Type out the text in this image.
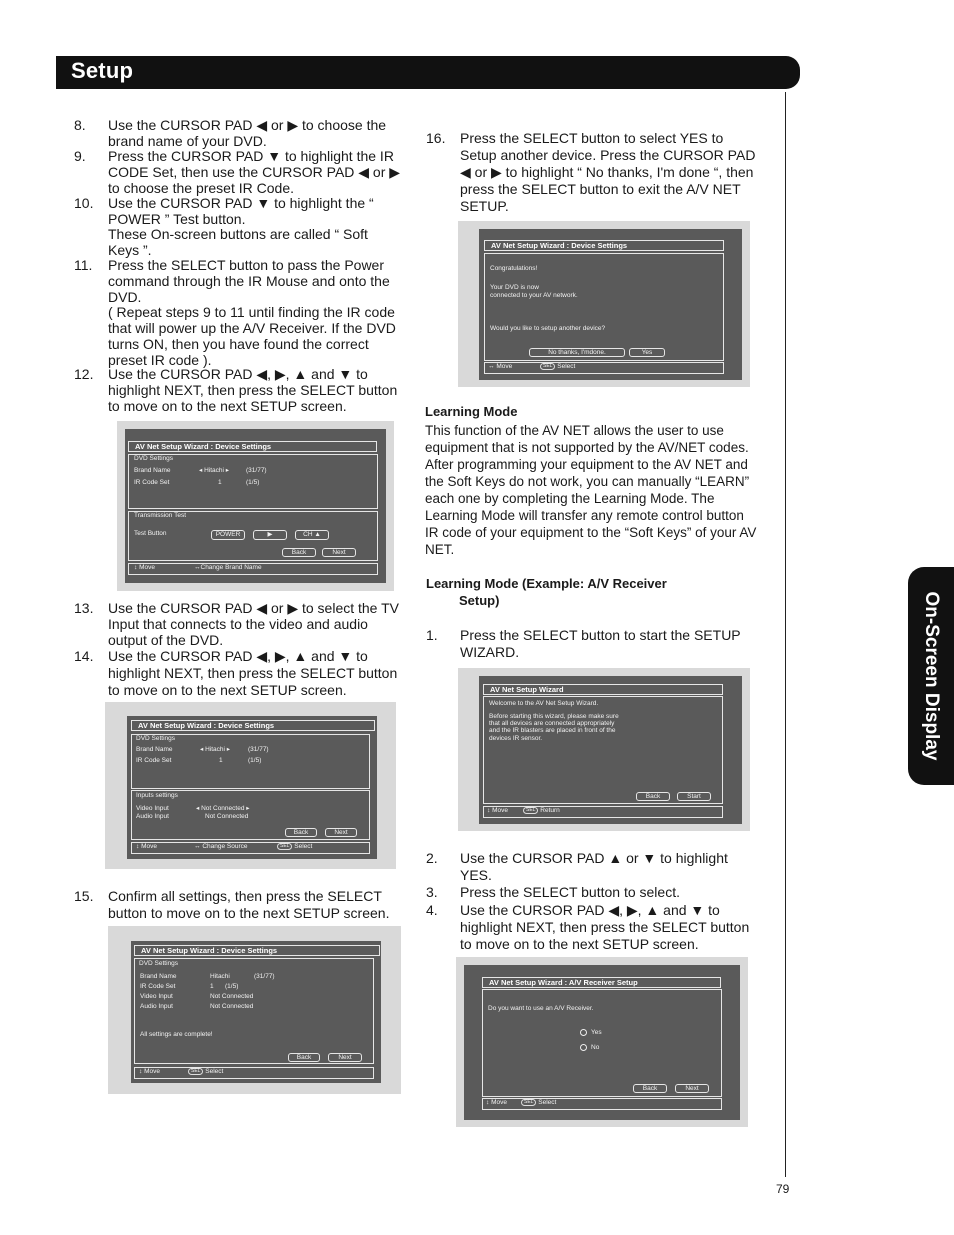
Setup
On-Screen Display
79
8. Use the CURSOR PAD ◀ or ▶ to choose the brand name of your DVD.
9. Press the CURSOR PAD ▼ to highlight the IR CODE Set, then use the CURSOR PAD ◀ or ▶ to choose the preset IR Code.
10. Use the CURSOR PAD ▼ to highlight the “ POWER ” Test button.
These On-screen buttons are called “ Soft Keys ”.
11. Press the SELECT button to pass the Power command through the IR Mouse and onto the DVD.
( Repeat steps 9 to 11 until finding the IR code that will power up the A/V Receiver. If the DVD turns ON, then you have found the correct preset IR code ).
12. Use the CURSOR PAD ◀, ▶, ▲ and ▼ to highlight NEXT, then press the SELECT button to move on to the next SETUP screen.
AV Net Setup Wizard : Device Settings
DVD Settings
Brand Name	◂ Hitachi ▸	(31/77)
IR Code Set	1	(1/5)
Transmission Test
Test Button	POWER	▶	CH ▲
Back	Next
↕ Move	↔Change Brand Name
13. Use the CURSOR PAD ◀ or ▶ to select the TV Input that connects to the video and audio output of the DVD.
14. Use the CURSOR PAD ◀, ▶, ▲ and ▼ to highlight NEXT, then press the SELECT button to move on to the next SETUP screen.
AV Net Setup Wizard : Device Settings
DVD Settings
Brand Name	◂ Hitachi ▸	(31/77)
IR Code Set	1	(1/5)
Inputs settings
Video Input	◂ Not Connected ▸
Audio Input	Not Connected
Back	Next
↕ Move	↔ Change Source	SEL Select
15. Confirm all settings, then press the SELECT button to move on to the next SETUP screen.
AV Net Setup Wizard : Device Settings
DVD Settings
Brand Name	Hitachi	(31/77)
IR Code Set	1 (1/5)
Video Input	Not Connected
Audio Input	Not Connected
All settings are complete!
Back	Next
↕ Move	SEL Select
16. Press the SELECT button to select YES to Setup another device. Press the CURSOR PAD ◀ or ▶ to highlight “ No thanks, I'm done “, then press the SELECT button to exit the A/V NET SETUP.
AV Net Setup Wizard : Device Settings
Congratulations!
Your DVD is now
connected to your AV network.
Would you like to setup another device?
No thanks, I'mdone.	Yes
↔ Move	SEL Select
Learning Mode
This function of the AV NET allows the user to use equipment that is not supported by the AV/NET codes. After programming your equipment to the AV NET and the Soft Keys do not work, you can manually “LEARN” each one by completing the Learning Mode. The Learning Mode will transfer any remote control button IR code of your equipment to the “Soft Keys” of your AV NET.
Learning Mode (Example: A/V Receiver
Setup)
1. Press the SELECT button to start the SETUP WIZARD.
AV Net Setup Wizard
Welcome to the AV Net Setup Wizard.
Before starting this wizard, please make sure
that all devices are connected appropriately
and the IR blasters are placed in front of the
devices IR sensor.
Back	Start
↕ Move	SEL Return
2. Use the CURSOR PAD ▲ or ▼ to highlight YES.
3. Press the SELECT button to select.
4. Use the CURSOR PAD ◀, ▶, ▲ and ▼ to highlight NEXT, then press the SELECT button to move on to the next SETUP screen.
AV Net Setup Wizard : A/V Receiver Setup
Do you want to use an A/V Receiver.
Yes
No
Back	Next
↕ Move	SEL Select
